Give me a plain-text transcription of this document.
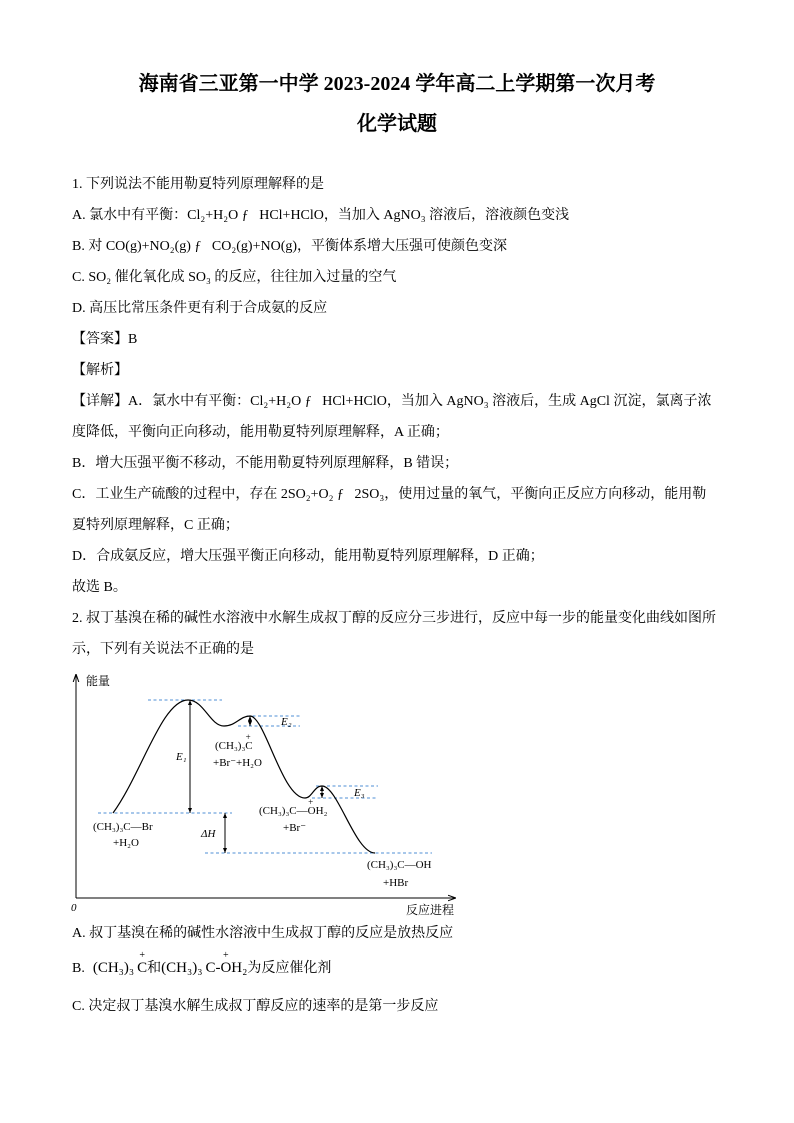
海南省三亚第一中学 2023-2024 学年高二上学期第一次月考
化学试题
1. 下列说法不能用勒夏特列原理解释的是
A. 氯水中有平衡：Cl₂+H₂O ƒ   HCl+HClO，当加入 AgNO₃ 溶液后，溶液颜色变浅
B. 对 CO(g)+NO₂(g) ƒ   CO₂(g)+NO(g)，平衡体系增大压强可使颜色变深
C. SO₂ 催化氧化成 SO₃ 的反应，往往加入过量的空气
D. 高压比常压条件更有利于合成氨的反应
【答案】B
【解析】
【详解】A．氯水中有平衡：Cl₂+H₂O ƒ   HCl+HClO，当加入 AgNO₃ 溶液后，生成 AgCl 沉淀，氯离子浓
度降低，平衡向正向移动，能用勒夏特列原理解释，A 正确；
B．增大压强平衡不移动，不能用勒夏特列原理解释，B 错误；
C．工业生产硫酸的过程中，存在 2SO₂+O₂ ƒ   2SO₃，使用过量的氧气，平衡向正反应方向移动，能用勒
夏特列原理解释，C 正确；
D．合成氨反应，增大压强平衡正向移动，能用勒夏特列原理解释，D 正确；
故选 B。
2. 叔丁基溴在稀的碱性水溶液中水解生成叔丁醇的反应分三步进行，反应中每一步的能量变化曲线如图所
示，下列有关说法不正确的是
能量
0	反应进程
E₁
E₂
E₃
ΔH
(CH₃)₃C+
+Br⁻+H₂O
(CH₃)₃C—O+H₂
+Br⁻
(CH₃)₃C—Br
+H₂O
(CH₃)₃C—OH
+HBr
A. 叔丁基溴在稀的碱性水溶液中生成叔丁醇的反应是放热反应
B. (CH₃)₃ C
+
和(CH₃)₃ C-O
+
H₂为反应催化剂
C. 决定叔丁基溴水解生成叔丁醇反应的速率的是第一步反应
